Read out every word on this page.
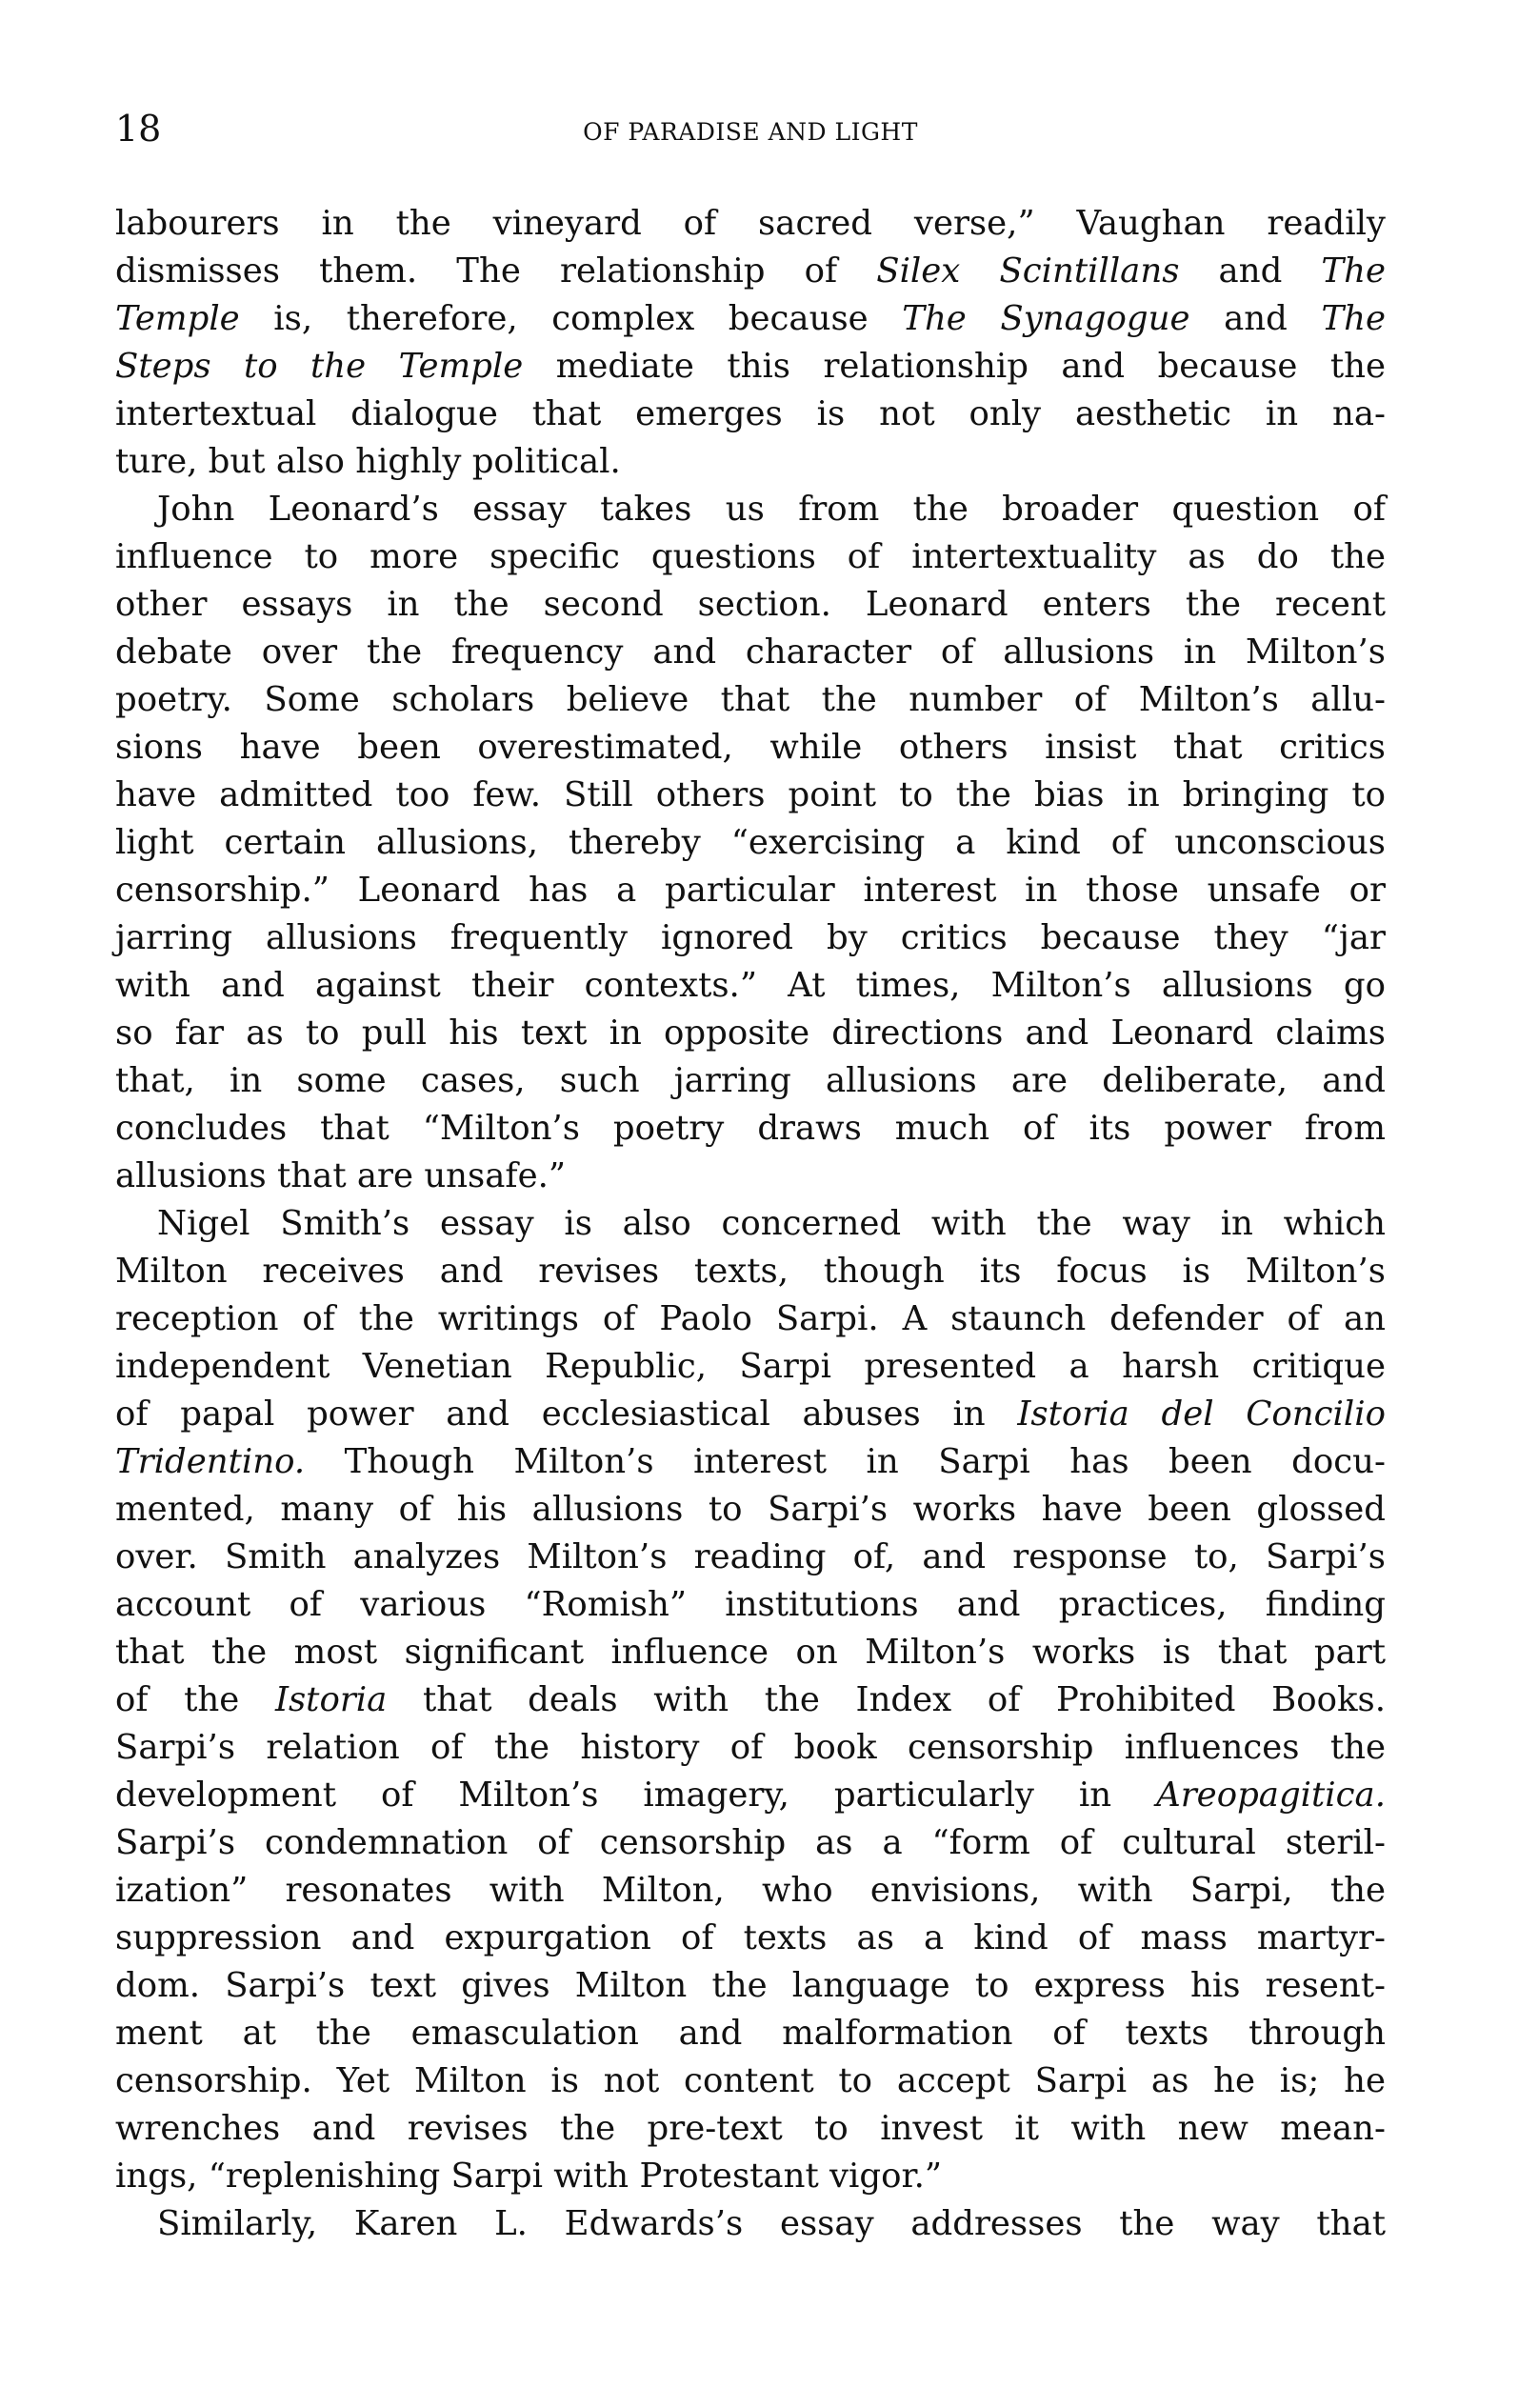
18	OF PARADISE AND LIGHT
labourers in the vineyard of sacred verse,” Vaughan readily
dismisses them. The relationship of Silex Scintillans and The
Temple is, therefore, complex because The Synagogue and The
Steps to the Temple mediate this relationship and because the
intertextual dialogue that emerges is not only aesthetic in na-
ture, but also highly political.
John Leonard’s essay takes us from the broader question of
influence to more specific questions of intertextuality as do the
other essays in the second section. Leonard enters the recent
debate over the frequency and character of allusions in Milton’s
poetry. Some scholars believe that the number of Milton’s allu-
sions have been overestimated, while others insist that critics
have admitted too few. Still others point to the bias in bringing to
light certain allusions, thereby “exercising a kind of unconscious
censorship.” Leonard has a particular interest in those unsafe or
jarring allusions frequently ignored by critics because they “jar
with and against their contexts.” At times, Milton’s allusions go
so far as to pull his text in opposite directions and Leonard claims
that, in some cases, such jarring allusions are deliberate, and
concludes that “Milton’s poetry draws much of its power from
allusions that are unsafe.”
Nigel Smith’s essay is also concerned with the way in which
Milton receives and revises texts, though its focus is Milton’s
reception of the writings of Paolo Sarpi. A staunch defender of an
independent Venetian Republic, Sarpi presented a harsh critique
of papal power and ecclesiastical abuses in Istoria del Concilio
Tridentino. Though Milton’s interest in Sarpi has been docu-
mented, many of his allusions to Sarpi’s works have been glossed
over. Smith analyzes Milton’s reading of, and response to, Sarpi’s
account of various “Romish” institutions and practices, finding
that the most significant influence on Milton’s works is that part
of the Istoria that deals with the Index of Prohibited Books.
Sarpi’s relation of the history of book censorship influences the
development of Milton’s imagery, particularly in Areopagitica.
Sarpi’s condemnation of censorship as a “form of cultural steril-
ization” resonates with Milton, who envisions, with Sarpi, the
suppression and expurgation of texts as a kind of mass martyr-
dom. Sarpi’s text gives Milton the language to express his resent-
ment at the emasculation and malformation of texts through
censorship. Yet Milton is not content to accept Sarpi as he is; he
wrenches and revises the pre-text to invest it with new mean-
ings, “replenishing Sarpi with Protestant vigor.”
Similarly, Karen L. Edwards’s essay addresses the way that
